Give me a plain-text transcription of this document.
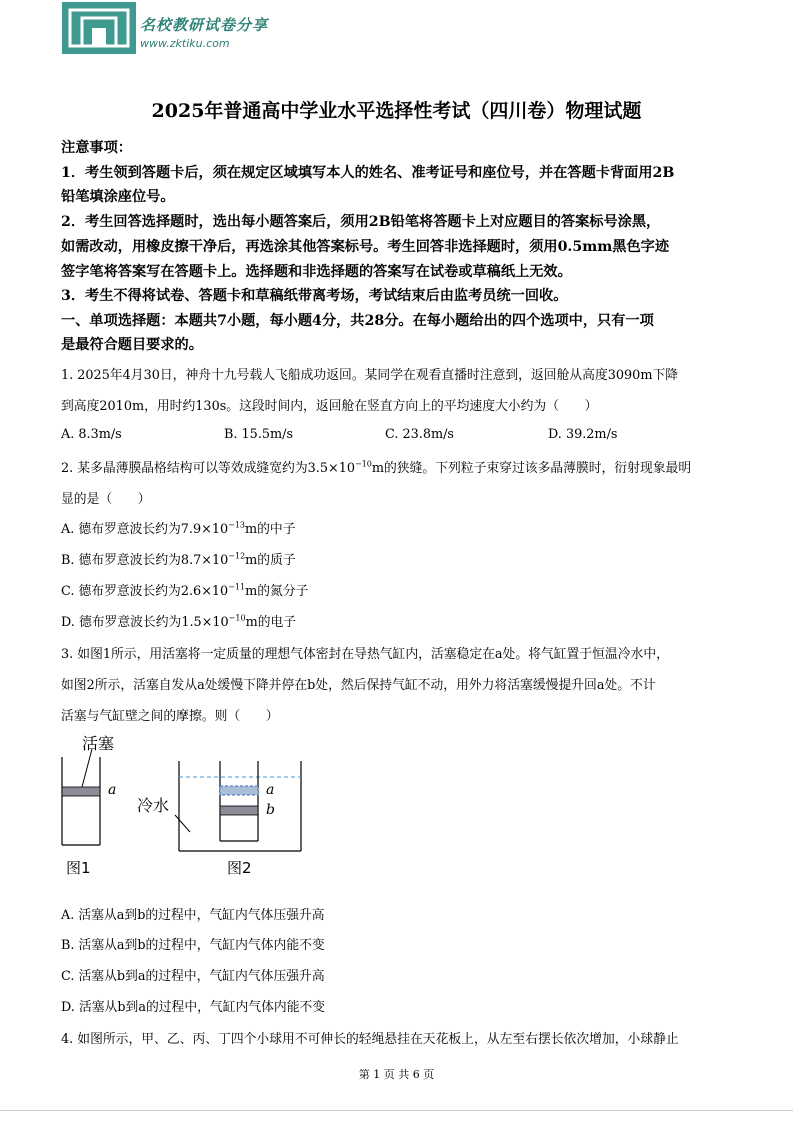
名校教研试卷分享
www.zktiku.com
2025年普通高中学业水平选择性考试（四川卷）物理试题
注意事项：
1．考生领到答题卡后，须在规定区域填写本人的姓名、准考证号和座位号，并在答题卡背面用2B
铅笔填涂座位号。
2．考生回答选择题时，选出每小题答案后，须用2B铅笔将答题卡上对应题目的答案标号涂黑，
如需改动，用橡皮擦干净后，再选涂其他答案标号。考生回答非选择题时，须用0.5mm黑色字迹
签字笔将答案写在答题卡上。选择题和非选择题的答案写在试卷或草稿纸上无效。
3．考生不得将试卷、答题卡和草稿纸带离考场，考试结束后由监考员统一回收。
一、单项选择题：本题共7小题，每小题4分，共28分。在每小题给出的四个选项中，只有一项
是最符合题目要求的。
1. 2025年4月30日，神舟十九号载人飞船成功返回。某同学在观看直播时注意到，返回舱从高度3090m下降
到高度2010m，用时约130s。这段时间内，返回舱在竖直方向上的平均速度大小约为（　　）
A. 8.3m/s	B. 15.5m/s	C. 23.8m/s	D. 39.2m/s
2. 某多晶薄膜晶格结构可以等效成缝宽约为$3.5\times 10^{-10}m$的狭缝。下列粒子束穿过该多晶薄膜时，衍射现象最明
显的是（　　）
A. 德布罗意波长约为$7.9\times 10^{-13}m$的中子
B. 德布罗意波长约为$8.7\times 10^{-12}m$的质子
C. 德布罗意波长约为$2.6\times 10^{-11}m$的氮分子
D. 德布罗意波长约为$1.5\times 10^{-10}m$的电子
3. 如图1所示，用活塞将一定质量的理想气体密封在导热气缸内，活塞稳定在a处。将气缸置于恒温冷水中，
如图2所示，活塞自发从a处缓慢下降并停在b处，然后保持气缸不动，用外力将活塞缓慢提升回a处。不计
活塞与气缸壁之间的摩擦。则（　　）
活塞
a
图1
冷水
a
b
图2
A. 活塞从a到b的过程中，气缸内气体压强升高
B. 活塞从a到b的过程中，气缸内气体内能不变
C. 活塞从b到a的过程中，气缸内气体压强升高
D. 活塞从b到a的过程中，气缸内气体内能不变
4. 如图所示，甲、乙、丙、丁四个小球用不可伸长的轻绳悬挂在天花板上，从左至右摆长依次增加，小球静止
第 1 页 共 6 页
